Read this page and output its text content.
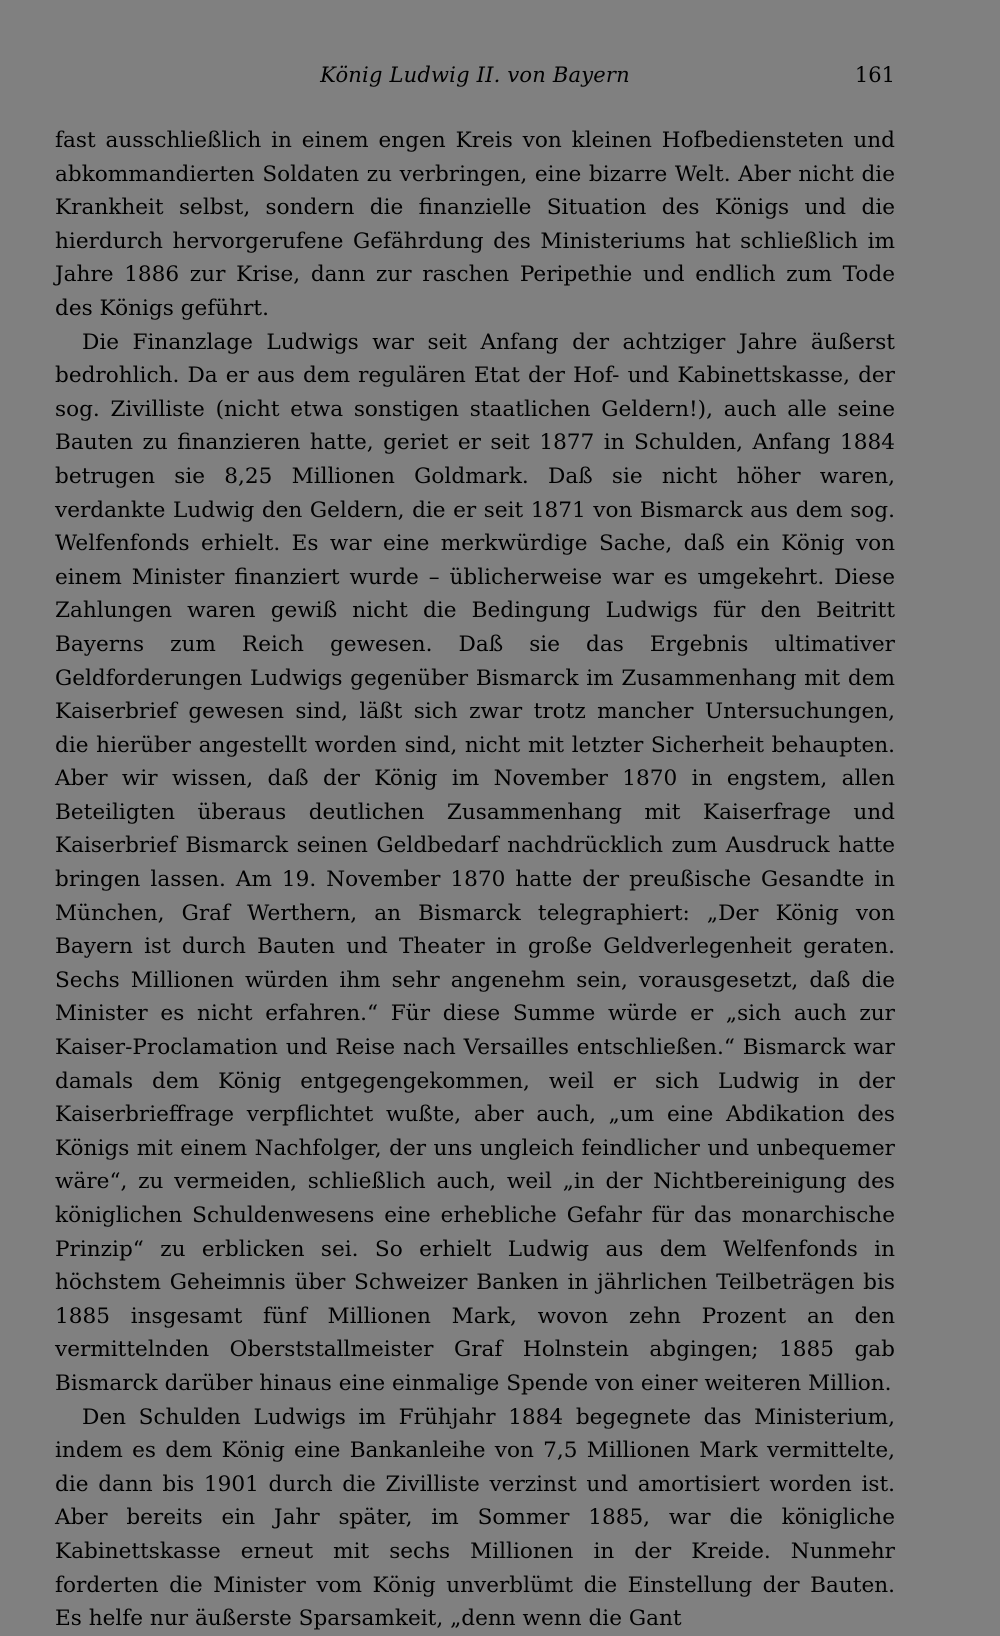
König Ludwig II. von Bayern	161

fast ausschließlich in einem engen Kreis von kleinen Hofbediensteten und abkommandierten Soldaten zu verbringen, eine bizarre Welt. Aber nicht die Krankheit selbst, sondern die finanzielle Situation des Königs und die hierdurch hervorgerufene Gefährdung des Ministeriums hat schließlich im Jahre 1886 zur Krise, dann zur raschen Peripethie und endlich zum Tode des Königs geführt.

Die Finanzlage Ludwigs war seit Anfang der achtziger Jahre äußerst bedrohlich. Da er aus dem regulären Etat der Hof- und Kabinettskasse, der sog. Zivilliste (nicht etwa sonstigen staatlichen Geldern!), auch alle seine Bauten zu finanzieren hatte, geriet er seit 1877 in Schulden, Anfang 1884 betrugen sie 8,25 Millionen Goldmark. Daß sie nicht höher waren, verdankte Ludwig den Geldern, die er seit 1871 von Bismarck aus dem sog. Welfenfonds erhielt. Es war eine merkwürdige Sache, daß ein König von einem Minister finanziert wurde – üblicherweise war es umgekehrt. Diese Zahlungen waren gewiß nicht die Bedingung Ludwigs für den Beitritt Bayerns zum Reich gewesen. Daß sie das Ergebnis ultimativer Geldforderungen Ludwigs gegenüber Bismarck im Zusammenhang mit dem Kaiserbrief gewesen sind, läßt sich zwar trotz mancher Untersuchungen, die hierüber angestellt worden sind, nicht mit letzter Sicherheit behaupten. Aber wir wissen, daß der König im November 1870 in engstem, allen Beteiligten überaus deutlichen Zusammenhang mit Kaiserfrage und Kaiserbrief Bismarck seinen Geldbedarf nachdrücklich zum Ausdruck hatte bringen lassen. Am 19. November 1870 hatte der preußische Gesandte in München, Graf Werthern, an Bismarck telegraphiert: „Der König von Bayern ist durch Bauten und Theater in große Geldverlegenheit geraten. Sechs Millionen würden ihm sehr angenehm sein, vorausgesetzt, daß die Minister es nicht erfahren.“ Für diese Summe würde er „sich auch zur Kaiser-Proclamation und Reise nach Versailles entschließen.“ Bismarck war damals dem König entgegengekommen, weil er sich Ludwig in der Kaiserbrieffrage verpflichtet wußte, aber auch, „um eine Abdikation des Königs mit einem Nachfolger, der uns ungleich feindlicher und unbequemer wäre“, zu vermeiden, schließlich auch, weil „in der Nichtbereinigung des königlichen Schuldenwesens eine erhebliche Gefahr für das monarchische Prinzip“ zu erblicken sei. So erhielt Ludwig aus dem Welfenfonds in höchstem Geheimnis über Schweizer Banken in jährlichen Teilbeträgen bis 1885 insgesamt fünf Millionen Mark, wovon zehn Prozent an den vermittelnden Oberststallmeister Graf Holnstein abgingen; 1885 gab Bismarck darüber hinaus eine einmalige Spende von einer weiteren Million.

Den Schulden Ludwigs im Frühjahr 1884 begegnete das Ministerium, indem es dem König eine Bankanleihe von 7,5 Millionen Mark vermittelte, die dann bis 1901 durch die Zivilliste verzinst und amortisiert worden ist. Aber bereits ein Jahr später, im Sommer 1885, war die königliche Kabinettskasse erneut mit sechs Millionen in der Kreide. Nunmehr forderten die Minister vom König unverblümt die Einstellung der Bauten. Es helfe nur äußerste Sparsamkeit, „denn wenn die Gant
